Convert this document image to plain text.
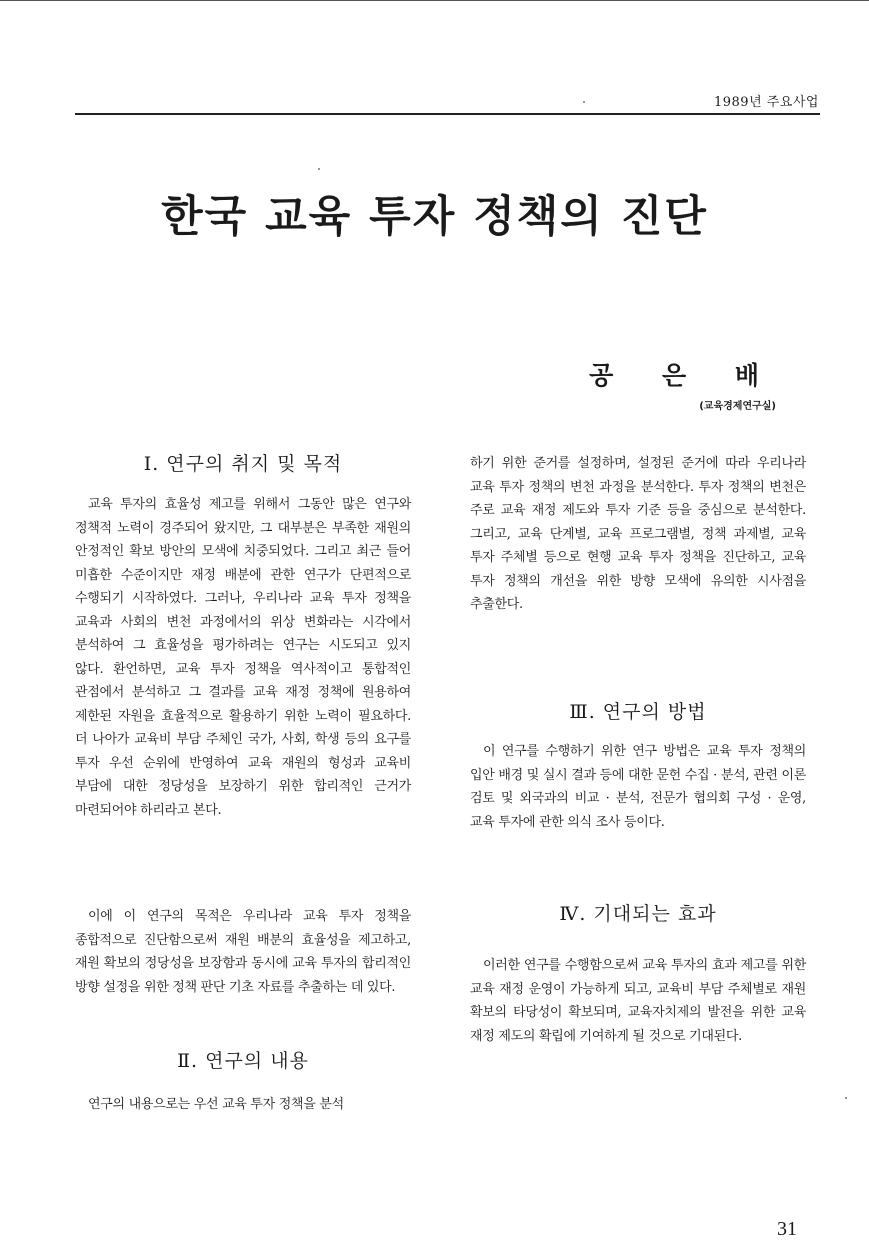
1989년 주요사업
한국 교육 투자 정책의 진단
공 은 배
(교육경제연구실)
Ⅰ. 연구의 취지 및 목적

교육 투자의 효율성 제고를 위해서 그동안 많은 연구와 정책적 노력이 경주되어 왔지만, 그 대부분은 부족한 재원의 안정적인 확보 방안의 모색에 치중되었다. 그리고 최근 들어 미흡한 수준이지만 재정 배분에 관한 연구가 단편적으로 수행되기 시작하였다. 그러나, 우리나라 교육 투자 정책을 교육과 사회의 변천 과정에서의 위상 변화라는 시각에서 분석하여 그 효율성을 평가하려는 연구는 시도되고 있지 않다. 환언하면, 교육 투자 정책을 역사적이고 통합적인 관점에서 분석하고 그 결과를 교육 재정 정책에 원용하여 제한된 자원을 효율적으로 활용하기 위한 노력이 필요하다. 더 나아가 교육비 부담 주체인 국가, 사회, 학생 등의 요구를 투자 우선 순위에 반영하여 교육 재원의 형성과 교육비 부담에 대한 정당성을 보장하기 위한 합리적인 근거가 마련되어야 하리라고 본다.

이에 이 연구의 목적은 우리나라 교육 투자 정책을 종합적으로 진단함으로써 재원 배분의 효율성을 제고하고, 재원 확보의 정당성을 보장함과 동시에 교육 투자의 합리적인 방향 설정을 위한 정책 판단 기초 자료를 추출하는 데 있다.

Ⅱ. 연구의 내용

연구의 내용으로는 우선 교육 투자 정책을 분석

하기 위한 준거를 설정하며, 설정된 준거에 따라 우리나라 교육 투자 정책의 변천 과정을 분석한다. 투자 정책의 변천은 주로 교육 재정 제도와 투자 기준 등을 중심으로 분석한다. 그리고, 교육 단계별, 교육 프로그램별, 정책 과제별, 교육 투자 주체별 등으로 현행 교육 투자 정책을 진단하고, 교육 투자 정책의 개선을 위한 방향 모색에 유의한 시사점을 추출한다.

Ⅲ. 연구의 방법

이 연구를 수행하기 위한 연구 방법은 교육 투자 정책의 입안 배경 및 실시 결과 등에 대한 문헌 수집 · 분석, 관련 이론 검토 및 외국과의 비교 · 분석, 전문가 협의회 구성 · 운영, 교육 투자에 관한 의식 조사 등이다.

Ⅳ. 기대되는 효과

이러한 연구를 수행함으로써 교육 투자의 효과 제고를 위한 교육 재정 운영이 가능하게 되고, 교육비 부담 주체별로 재원 확보의 타당성이 확보되며, 교육자치제의 발전을 위한 교육 재정 제도의 확립에 기여하게 될 것으로 기대된다.

31
